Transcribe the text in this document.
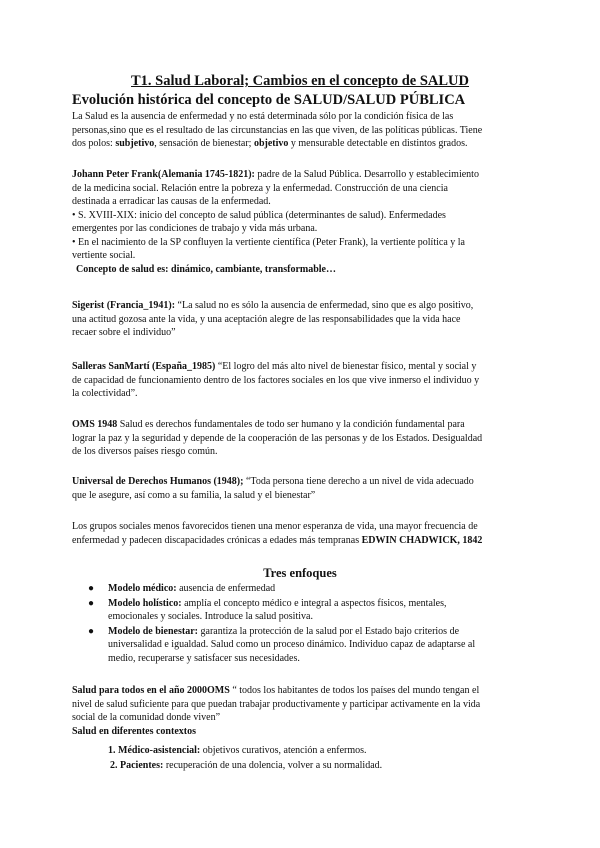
T1. Salud Laboral; Cambios en el concepto de SALUD
Evolución histórica del concepto de SALUD/SALUD PÚBLICA

La Salud es la ausencia de enfermedad y no está determinada sólo por la condición física de las

personas,sino que es el resultado de las circunstancias en las que viven, de las políticas públicas. Tiene

dos polos: subjetivo, sensación de bienestar; objetivo y mensurable detectable en distintos grados.

Johann Peter Frank(Alemania 1745-1821): padre de la Salud Pública. Desarrollo y establecimiento

de la medicina social. Relación entre la pobreza y la enfermedad. Construcción de una ciencia

destinada a erradicar las causas de la enfermedad.

• S. XVIII-XIX: inicio del concepto de salud pública (determinantes de salud). Enfermedades

emergentes por las condiciones de trabajo y vida más urbana.

• En el nacimiento de la SP confluyen la vertiente científica (Peter Frank), la vertiente política y la

vertiente social.

Concepto de salud es: dinámico, cambiante, transformable…

Sigerist (Francia_1941): “La salud no es sólo la ausencia de enfermedad, sino que es algo positivo,

una actitud gozosa ante la vida, y una aceptación alegre de las responsabilidades que la vida hace

recaer sobre el individuo”

Salleras SanMartí (España_1985) “El logro del más alto nivel de bienestar físico, mental y social y

de capacidad de funcionamiento dentro de los factores sociales en los que vive inmerso el individuo y

la colectividad”.

OMS 1948 Salud es derechos fundamentales de todo ser humano y la condición fundamental para

lograr la paz y la seguridad y depende de la cooperación de las personas y de los Estados. Desigualdad

de los diversos países riesgo común.

Universal de Derechos Humanos (1948); “Toda persona tiene derecho a un nivel de vida adecuado

que le asegure, así como a su familia, la salud y el bienestar”

Los grupos sociales menos favorecidos tienen una menor esperanza de vida, una mayor frecuencia de

enfermedad y padecen discapacidades crónicas a edades más tempranas EDWIN CHADWICK, 1842

Tres enfoques
● Modelo médico: ausencia de enfermedad
● Modelo holístico: amplía el concepto médico e integral a aspectos físicos, mentales,
emocionales y sociales. Introduce la salud positiva.
● Modelo de bienestar: garantiza la protección de la salud por el Estado bajo criterios de
universalidad e igualdad. Salud como un proceso dinámico. Individuo capaz de adaptarse al
medio, recuperarse y satisfacer sus necesidades.

Salud para todos en el año 2000OMS “ todos los habitantes de todos los países del mundo tengan el

nivel de salud suficiente para que puedan trabajar productivamente y participar activamente en la vida

social de la comunidad donde viven”

Salud en diferentes contextos

1. Médico-asistencial: objetivos curativos, atención a enfermos.
2. Pacientes: recuperación de una dolencia, volver a su normalidad.
